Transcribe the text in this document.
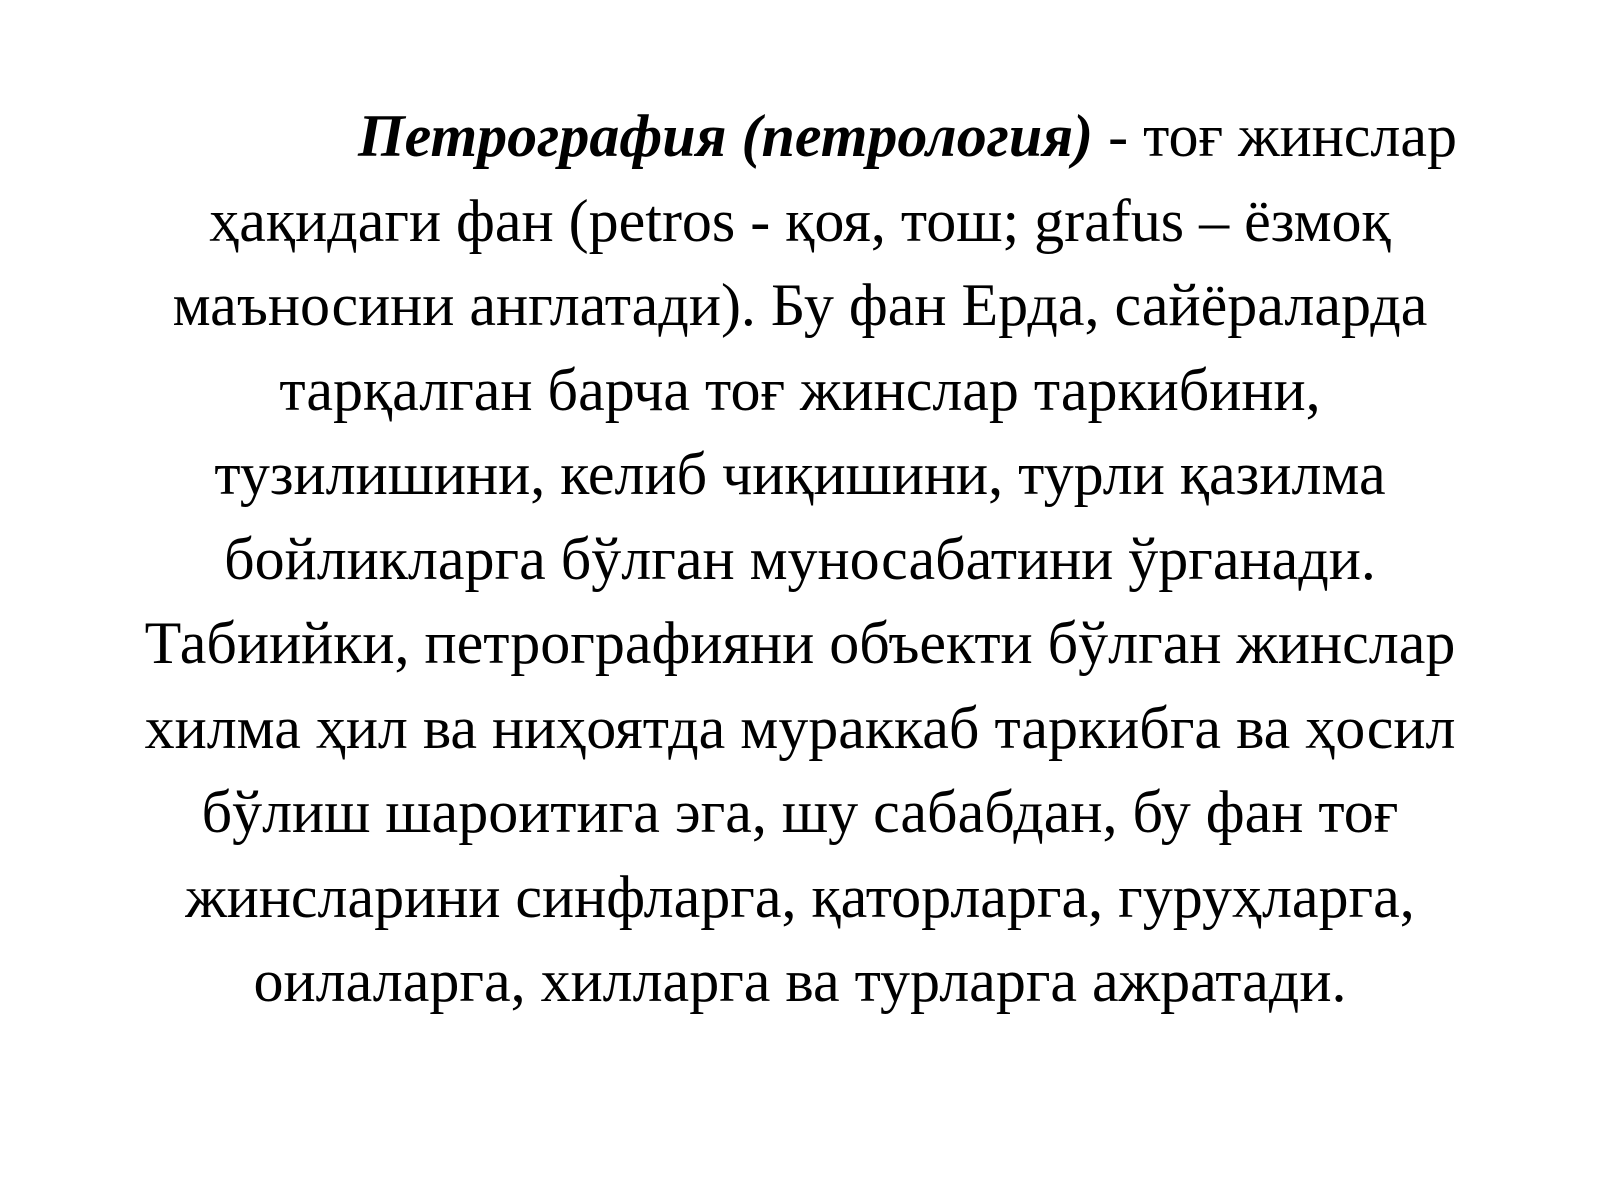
Петрография (петрология) - тоғ жинслар
ҳақидаги фан (petros - қоя, тош; grafus – ёзмоқ
маъносини англатади). Бу фан Ерда, сайёраларда
тарқалган барча тоғ жинслар таркибини,
тузилишини, келиб чиқишини, турли қазилма
бойликларга бўлган муносабатини ўрганади.
Табиийки, петрографияни объекти бўлган жинслар
хилма ҳил ва ниҳоятда мураккаб таркибга ва ҳосил
бўлиш шароитига эга, шу сабабдан, бу фан тоғ
жинсларини синфларга, қаторларга, гуруҳларга,
оилаларга, хилларга ва турларга ажратади.
